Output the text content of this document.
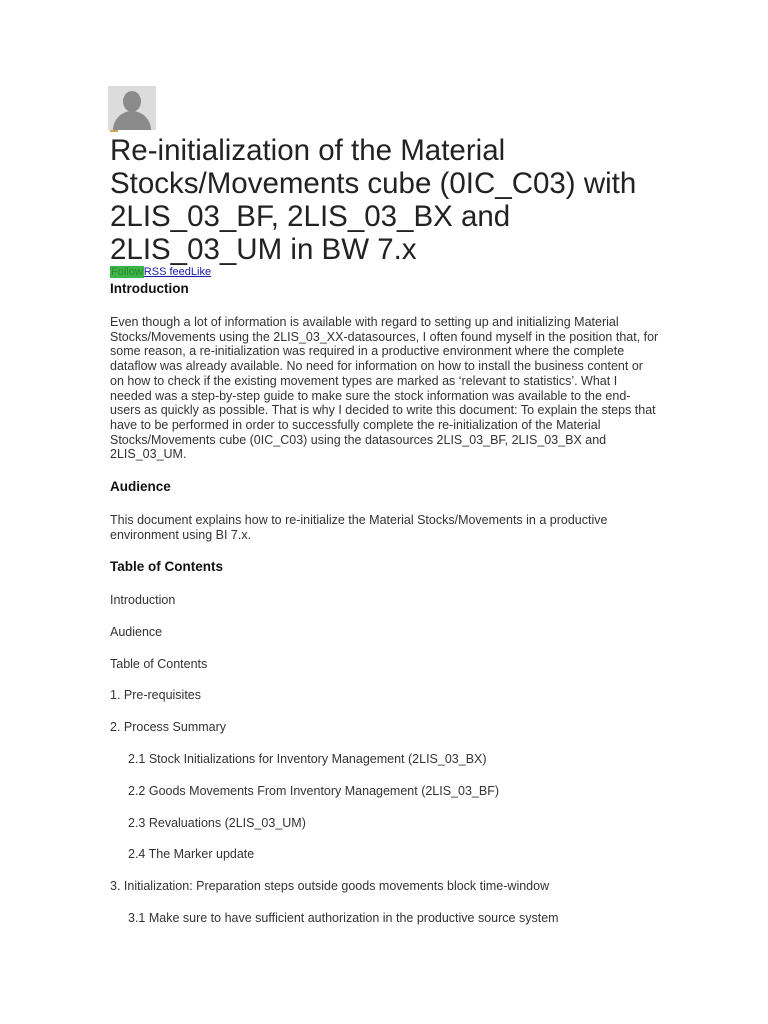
Re-initialization of the Material Stocks/Movements cube (0IC_C03) with 2LIS_03_BF, 2LIS_03_BX and 2LIS_03_UM in BW 7.x
FollowRSS feedLike
Introduction

Even though a lot of information is available with regard to setting up and initializing Material Stocks/Movements using the 2LIS_03_XX-datasources, I often found myself in the position that, for some reason, a re-initialization was required in a productive environment where the complete dataflow was already available. No need for information on how to install the business content or on how to check if the existing movement types are marked as ‘relevant to statistics’. What I needed was a step-by-step guide to make sure the stock information was available to the end-users as quickly as possible. That is why I decided to write this document: To explain the steps that have to be performed in order to successfully complete the re-initialization of the Material Stocks/Movements cube (0IC_C03) using the datasources 2LIS_03_BF, 2LIS_03_BX and 2LIS_03_UM.

Audience

This document explains how to re-initialize the Material Stocks/Movements in a productive environment using BI 7.x.

Table of Contents
Introduction
Audience
Table of Contents
1. Pre-requisites
2. Process Summary
2.1 Stock Initializations for Inventory Management (2LIS_03_BX)
2.2 Goods Movements From Inventory Management (2LIS_03_BF)
2.3 Revaluations (2LIS_03_UM)
2.4 The Marker update
3. Initialization: Preparation steps outside goods movements block time-window
3.1 Make sure to have sufficient authorization in the productive source system
